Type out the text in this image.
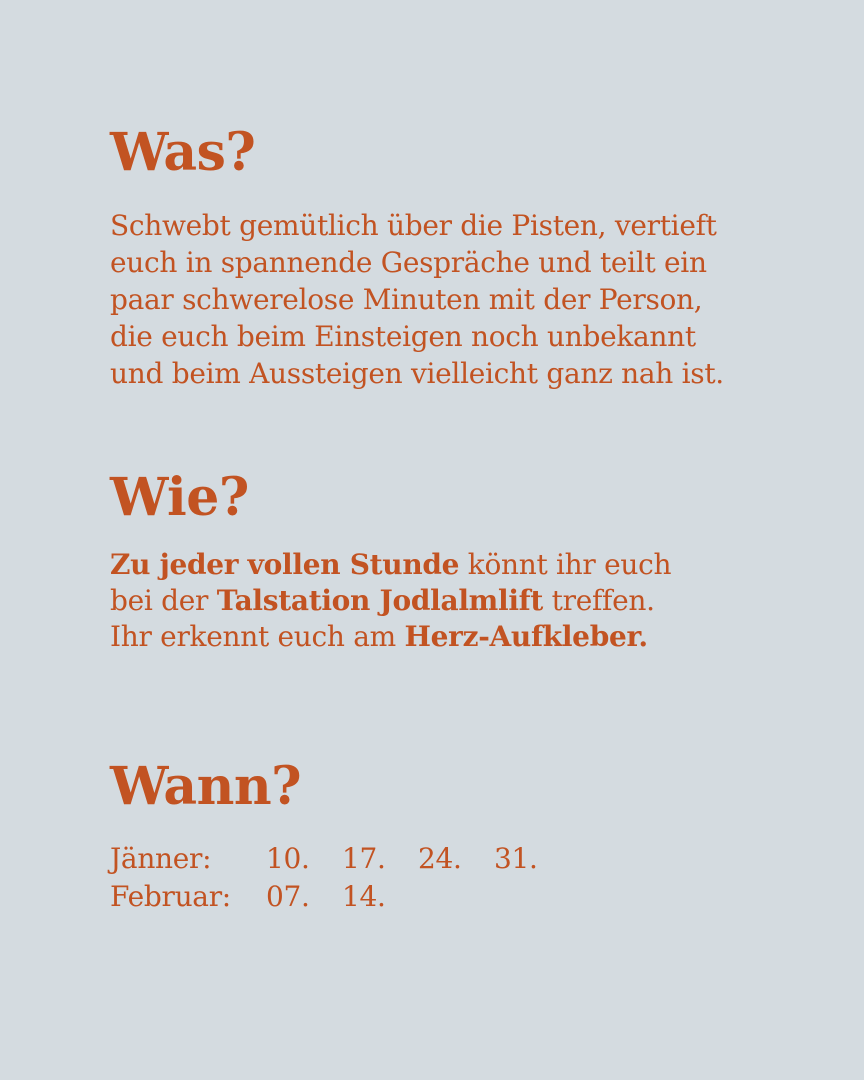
Was?
Schwebt gemütlich über die Pisten, vertieft
euch in spannende Gespräche und teilt ein
paar schwerelose Minuten mit der Person,
die euch beim Einsteigen noch unbekannt
und beim Aussteigen vielleicht ganz nah ist.
Wie?
Zu jeder vollen Stunde könnt ihr euch
bei der Talstation Jodlalmlift treffen.
Ihr erkennt euch am Herz-Aufkleber.
Wann?
Jänner:	10.	17.	24.	31.
Februar:	07.	14.
